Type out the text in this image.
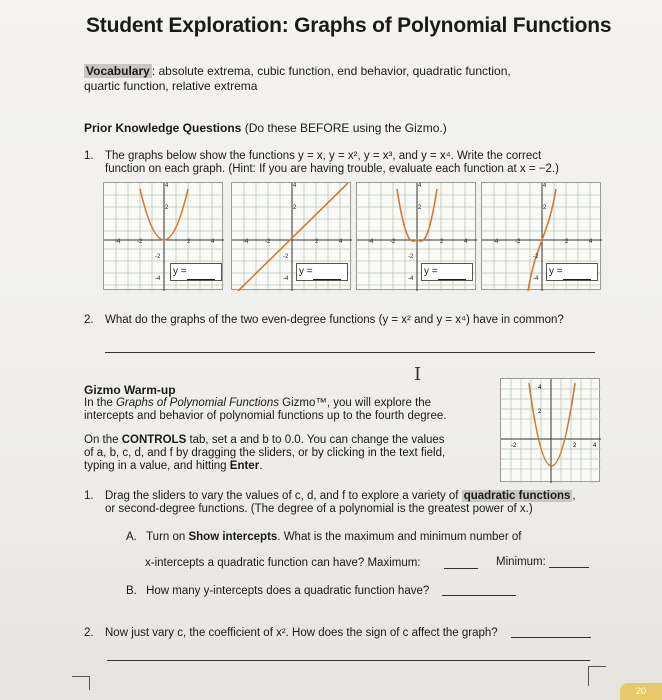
Student Exploration: Graphs of Polynomial Functions
Vocabulary : absolute extrema, cubic function, end behavior, quadratic function,
quartic function, relative extrema
Prior Knowledge Questions (Do these BEFORE using the Gizmo.)
1. The graphs below show the functions y = x, y = x², y = x³, and y = x⁴. Write the correct
function on each graph. (Hint: If you are having trouble, evaluate each function at x = −2.)
y =	y =	y =	y =
4
2
-4	-2	2	4
-2
-4
4
2
-4	-2	2	4
-2
-4
4
2
-4	-2	2	4
-2
-4
4
2
-4	-2	2	4
-2
-4
2. What do the graphs of the two even-degree functions (y = x² and y = x⁴) have in common?
I
Gizmo Warm-up
In the Graphs of Polynomial Functions Gizmo™, you will explore the
intercepts and behavior of polynomial functions up to the fourth degree.
On the CONTROLS tab, set a and b to 0.0. You can change the values
of a, b, c, d, and f by dragging the sliders, or by clicking in the text field,
typing in a value, and hitting Enter.
4
2
-2	2	4
1. Drag the sliders to vary the values of c, d, and f to explore a variety of quadratic functions ,
or second-degree functions. (The degree of a polynomial is the greatest power of x.)
A. Turn on Show intercepts. What is the maximum and minimum number of
x-intercepts a quadratic function can have? Maximum:	Minimum:
B. How many y-intercepts does a quadratic function have?
2. Now just vary c, the coefficient of x². How does the sign of c affect the graph?
20
